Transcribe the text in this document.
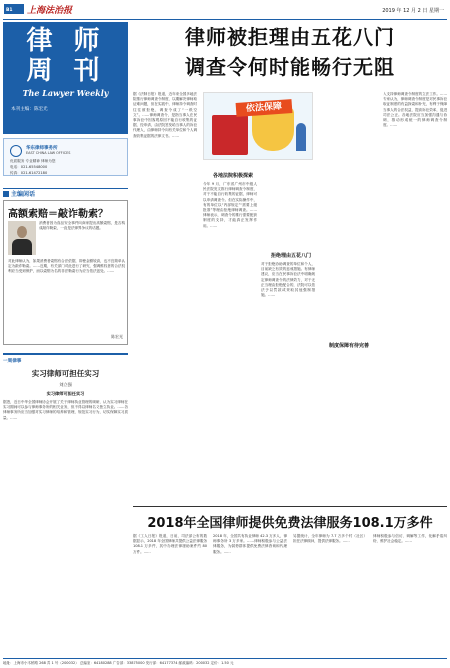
B1	上海法治报	2019 年 12 月 2 日 星期一
律 师
周 刊
The Lawyer Weekly
本刊主编：陈宏光
华东律师事务所
EAST CHINA LAW OFFICES
优质服务 专业精神 律师为您
电话：021-65548000
传真：021-61472180
主编闲话
高额索赔＝敲诈勒索？
消费者因为食品安全事件向商家提出高额索赔，是否构成敲诈勒索，一直是法律界争议的话题。
对此律师认为，如果消费者索赔有合法依据，即使金额较高，也不宜简单认定为敲诈勒索。……近期，有关部门对此进行了研究，强调维权者的合法权利应当受到保护，而以索赔为名的非法勒索行为应当依法惩处。……
陈宏光
一周律事
实习律师可担任实习
刘立强
实习律师可担任实习
据悉，近日中华全国律师协会开展了关于律师执业管理的调研，认为实习律师在实习期间可以参与律师事务所的相关业务，但不得以律师名义独立执业。……各律师事务所应当加强对实习律师的培养和管理，规范实习行为，切实保障实习质量。……
律师被拒理由五花八门
调查令何时能畅行无阻
据《法制日报》报道，近年来全国多地法院推行律师调查令制度，以期解决律师取证难问题，但在实践中，律师持令调查时往往被拒绝，调查令成了“一纸空文”。……律师调查令，是指当事人在民事诉讼中因客观原因不能自行收集的证据，经申请，由法院签发给当事人的诉讼代理人，由律师持令向有关单位和个人调查收集证据的法律文书。……
依法保障
各地法院积极探索
今年 9 月，广东省广州市中级人民法院发文推行律师调查令制度，对于不能自行收集的证据，律师可以申请调查令。但在实际操作中，有的单位以“内部规定”“需要上级批准”等理由拒绝律师调查。……律师表示，调查令的推行需要配套制度的支持，才能真正发挥作用。……
拒绝理由五花八门
对于拒绝协助调查的单位和个人，目前缺乏有效的惩戒措施。有律师建议，应当在民事诉讼法中明确规定律师调查令的法律效力，对于无正当理由拒绝配合的，法院可以依法予以罚款或采取其他强制措施。……
制度保障有待完善
入支持律师调查令制度的立法工作。……专家认为，律师调查令制度是对民事诉讼取证制度的有益探索和补充，有利于保障当事人的合法权益，提高诉讼效率，促进司法公正。各地法院应当加强沟通与协调，推动形成统一的律师调查令制度。……
2018年全国律师提供免费法律服务108.1万多件
据《工人日报》报道，日前，司法部公布的数据显示，2018 年全国律师共提供公益法律服务 108.1 万多件，其中办理法律援助案件约 80 万件。……
2018 年，全国共有执业律师 42.3 万多人，律师事务所 3 万多家。……律师积极参与公益法律服务，为弱势群体提供免费法律咨询和代理服务。……
另据统计，全年律师为 7.7 万多个村（社区）担任法律顾问，提供法律服务。……
律师积极参与信访、调解等工作，化解矛盾纠纷，维护社会稳定。……
地址：上海市小木桥路 268 弄 1 号（200032） 总编室：64180288 广告部：33875000 发行部：64177374 邮政编码：200032 定价：1.50 元
